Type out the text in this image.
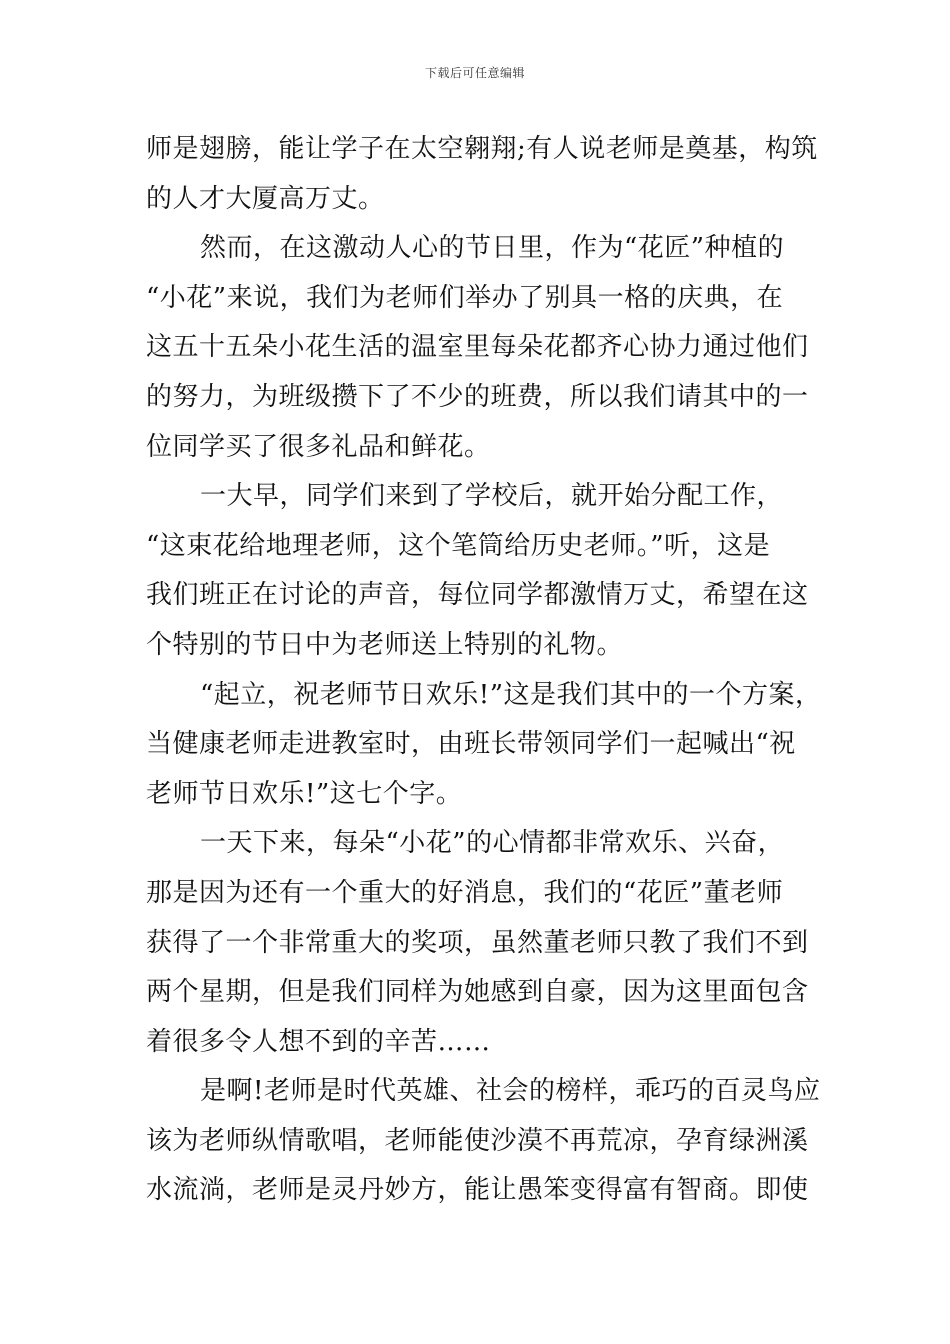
下载后可任意编辑
师是翅膀，能让学子在太空翱翔;有人说老师是奠基，构筑
的人才大厦高万丈。
然而，在这激动人心的节日里，作为“花匠”种植的
“小花”来说，我们为老师们举办了别具一格的庆典，在
这五十五朵小花生活的温室里每朵花都齐心协力通过他们
的努力，为班级攒下了不少的班费，所以我们请其中的一
位同学买了很多礼品和鲜花。
一大早，同学们来到了学校后，就开始分配工作，
“这束花给地理老师，这个笔筒给历史老师。”听，这是
我们班正在讨论的声音，每位同学都激情万丈，希望在这
个特别的节日中为老师送上特别的礼物。
“起立，祝老师节日欢乐!”这是我们其中的一个方案，
当健康老师走进教室时，由班长带领同学们一起喊出“祝
老师节日欢乐!”这七个字。
一天下来，每朵“小花”的心情都非常欢乐、兴奋，
那是因为还有一个重大的好消息，我们的“花匠”董老师
获得了一个非常重大的奖项，虽然董老师只教了我们不到
两个星期，但是我们同样为她感到自豪，因为这里面包含
着很多令人想不到的辛苦……
是啊!老师是时代英雄、社会的榜样，乖巧的百灵鸟应
该为老师纵情歌唱，老师能使沙漠不再荒凉，孕育绿洲溪
水流淌，老师是灵丹妙方，能让愚笨变得富有智商。即使
